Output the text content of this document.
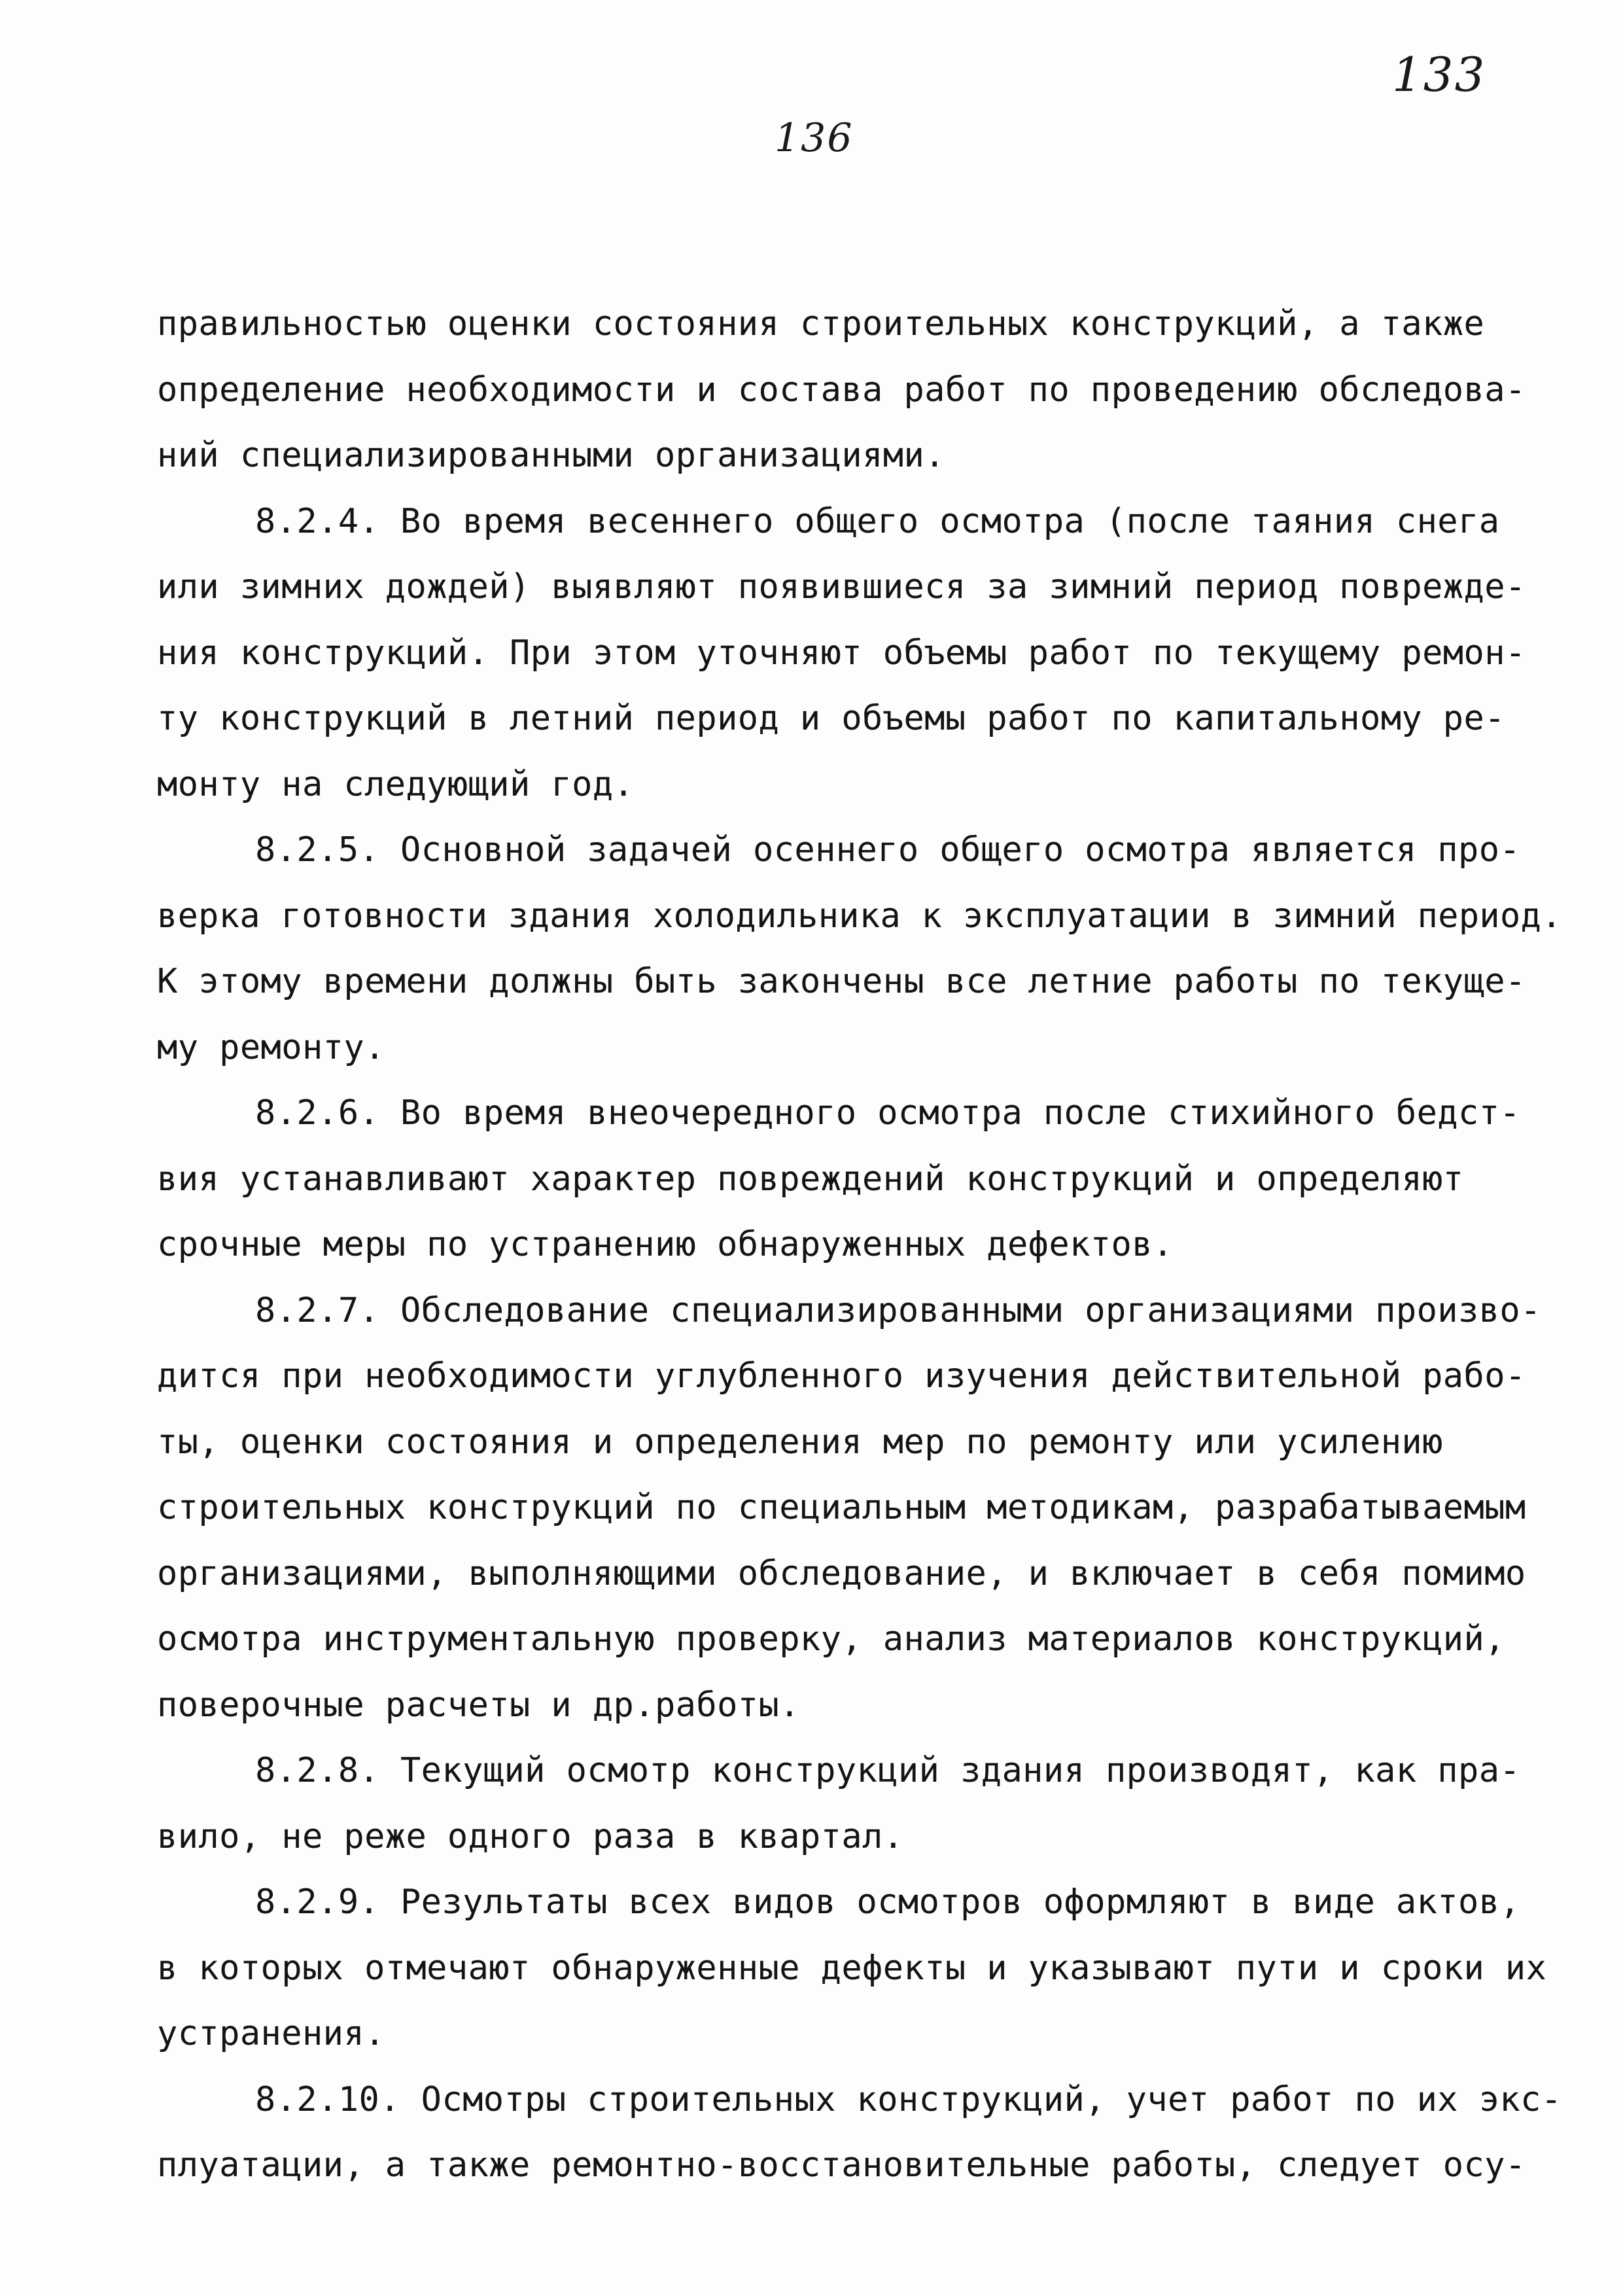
133
136
правильностью оценки состояния строительных конструкций, а также
определение необходимости и состава работ по проведению обследова-
ний специализированными организациями.
8.2.4. Во время весеннего общего осмотра (после таяния снега
или зимних дождей) выявляют появившиеся за зимний период поврежде-
ния конструкций. При этом уточняют объемы работ по текущему ремон-
ту конструкций в летний период и объемы работ по капитальному ре-
монту на следующий год.
8.2.5. Основной задачей осеннего общего осмотра является про-
верка готовности здания холодильника к эксплуатации в зимний период.
К этому времени должны быть закончены все летние работы по текуще-
му ремонту.
8.2.6. Во время внеочередного осмотра после стихийного бедст-
вия устанавливают характер повреждений конструкций и определяют
срочные меры по устранению обнаруженных дефектов.
8.2.7. Обследование специализированными организациями произво-
дится при необходимости углубленного изучения действительной рабо-
ты, оценки состояния и определения мер по ремонту или усилению
строительных конструкций по специальным методикам, разрабатываемым
организациями, выполняющими обследование, и включает в себя помимо
осмотра инструментальную проверку, анализ материалов конструкций,
поверочные расчеты и др.работы.
8.2.8. Текущий осмотр конструкций здания производят, как пра-
вило, не реже одного раза в квартал.
8.2.9. Результаты всех видов осмотров оформляют в виде актов,
в которых отмечают обнаруженные дефекты и указывают пути и сроки их
устранения.
8.2.10. Осмотры строительных конструкций, учет работ по их экс-
плуатации, а также ремонтно-восстановительные работы, следует осу-
